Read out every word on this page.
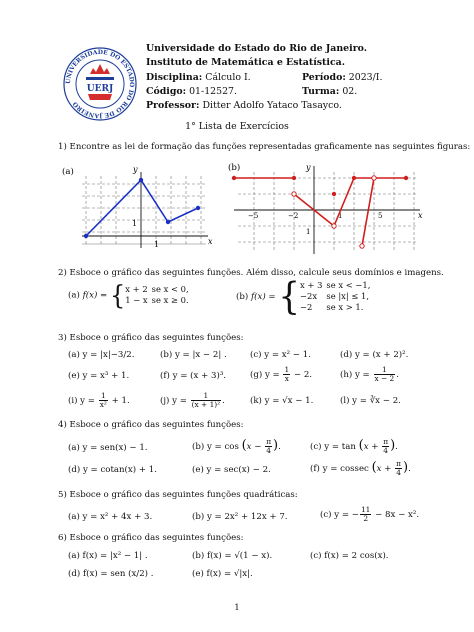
UNIVERSIDADE DO ESTADO DO RIO DE JANEIRO
UERJ
Universidade do Estado do Rio de Janeiro.
Instituto de Matemática e Estatística.
Disciplina: Cálculo I.	Período: 2023/I.
Código: 01-12527.	Turma: 02.
Professor: Ditter Adolfo Yataco Tasayco.
1° Lista de Exercícios
1) Encontre as lei de formação das funções representadas graficamente nas seguintes figuras:
(a)	y
x
1
1
(b)	y
x
−5	−2	1	5
1
2) Esboce o gráfico das seguintes funções. Além disso, calcule seus domínios e imagens.
(a) f(x) = { x + 2	se x < 0,
1 − x	se x ≥ 0.	(b) f(x) = { x + 3	se x < −1,
−2x	se |x| ≤ 1,
−2	se x > 1.
3) Esboce o gráfico das seguintes funções:
(a) y = |x|−3/2.	(b) y = |x − 2| .	(c) y = x² − 1.	(d) y = (x + 2)².
(e) y = x³ + 1.	(f) y = (x + 3)³.	(g) $y = \frac{1}{x} - 2$.	(h) $y = \frac{1}{x - 2}$ .
(i) $y = \frac{1}{\text{x²}} + 1$.	(j) $y = \frac{1}{\text{(x + 1)²}}$ .	(k) y = √x − 1.	(l) y = ∛x − 2.
4) Esboce o gráfico das seguintes funções:
(a) y = sen(x) − 1.	(b) $y = \cos (x - \frac{\pi}{4}$ ).	(c) $y = \tan (x + \frac{\pi}{4}$ ).
(d) y = cotan(x) + 1.	(e) y = sec(x) − 2.	(f) y = cossec ($x + \frac{\pi}{4}$ ).
5) Esboce o gráfico das seguintes funções quadráticas:
(a) y = x² + 4x + 3.	(b) y = 2x² + 12x + 7.	(c) y = − $\frac{11}{2} - 8x - x^2$.
6) Esboce o gráfico das seguintes funções:
(a) f(x) = |x² − 1| .	(b) f(x) = √(1 − x).	(c) f(x) = 2 cos(x).
(d) f(x) = sen (x/2) .	(e) f(x) = √|x|.
1
